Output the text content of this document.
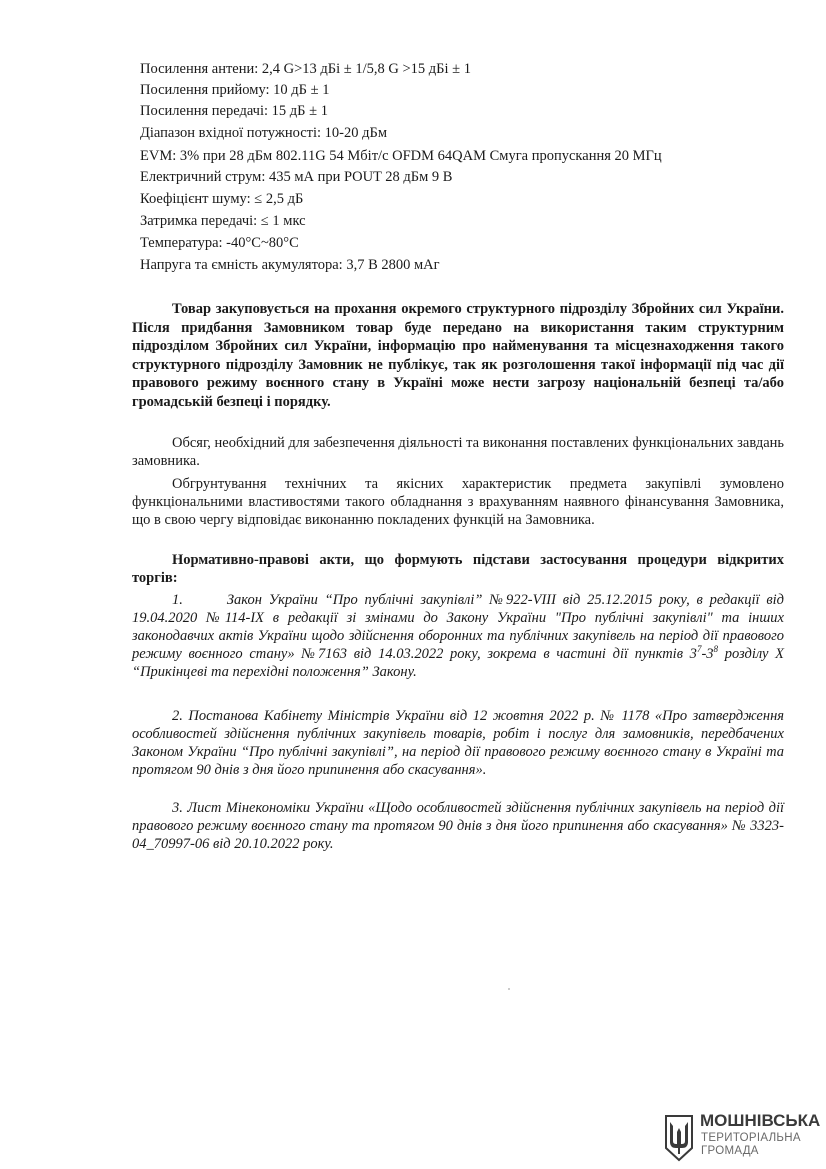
Посилення антени: 2,4 G>13 дБі ± 1/5,8 G >15 дБі ± 1
Посилення прийому: 10 дБ ± 1
Посилення передачі: 15 дБ ± 1
Діапазон вхідної потужності: 10-20 дБм
EVM: 3% при 28 дБм 802.11G 54 Мбіт/с OFDM 64QAM Смуга пропускання 20 МГц
Електричний струм: 435 мА при POUT 28 дБм 9 В
Коефіцієнт шуму: ≤ 2,5 дБ
Затримка передачі: ≤ 1 мкс
Температура: -40°C~80°C
Напруга та ємність акумулятора: 3,7 В 2800 мАг
Товар закуповується на прохання окремого структурного підрозділу Збройних сил України. Після придбання Замовником товар буде передано на використання таким структурним підрозділом Збройних сил України, інформацію про найменування та місцезнаходження такого структурного підрозділу Замовник не публікує, так як розголошення такої інформації під час дії правового режиму воєнного стану в Україні може нести загрозу національній безпеці та/або громадській безпеці і порядку.
Обсяг, необхідний для забезпечення діяльності та виконання поставлених функціональних завдань замовника.
Обгрунтування технічних та якісних характеристик предмета закупівлі зумовлено функціональними властивостями такого обладнання з врахуванням наявного фінансування Замовника, що в свою чергу відповідає виконанню покладених функцій на Замовника.
Нормативно-правові акти, що формують підстави застосування процедури відкритих торгів:
1.	Закон України “Про публічні закупівлі” №922-VIII від 25.12.2015 року, в редакції від 19.04.2020 №114-IX в редакції зі змінами до Закону України "Про публічні закупівлі" та інших законодавчих актів України щодо здійснення оборонних та публічних закупівель на період дії правового режиму воєнного стану» №7163 від 14.03.2022 року, зокрема в частині дії пунктів $3^7-3^8$ розділу X “Прикінцеві та перехідні положення” Закону.
2. Постанова Кабінету Міністрів України від 12 жовтня 2022 р. № 1178 «Про затвердження особливостей здійснення публічних закупівель товарів, робіт і послуг для замовників, передбачених Законом України “Про публічні закупівлі”, на період дії правового режиму воєнного стану в Україні та протягом 90 днів з дня його припинення або скасування».
3. Лист Мінекономіки України «Щодо особливостей здійснення публічних закупівель на період дії правового режиму воєнного стану та протягом 90 днів з дня його припинення або скасування» № 3323-04_70997-06 від 20.10.2022 року.
МОШНІВСЬКА
ТЕРИТОРІАЛЬНА
ГРОМАДА
